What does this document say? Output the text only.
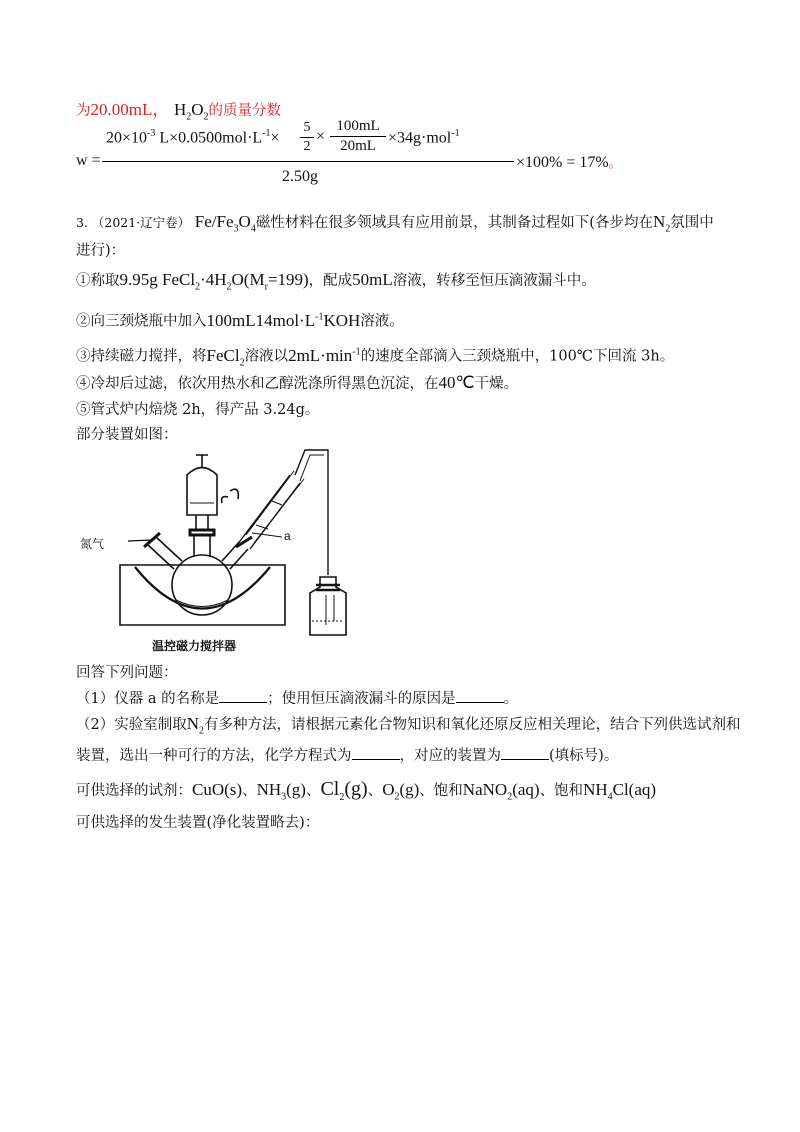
为20.00mL， $H_2O_2$的质量分数
w =
$20\times 10^{-3}$ $L\times 0.0500mol\cdot L^{-1}\times$
5
2
×
100mL
20mL ×34g·mol$^{-1}$
2.50g
×100% = 17%。
3. （2021·辽宁卷） $Fe/Fe_3O_4$磁性材料在很多领域具有应用前景，其制备过程如下(各步均在$N_2$氛围中
进行)：
①称取9.95g $FeCl_2\cdot 4H_2O(M_r=199)$，配成50mL溶液，转移至恒压滴液漏斗中。
②向三颈烧瓶中加入$100mL14mol\cdot L^{-1}KOH$溶液。
③持续磁力搅拌，将FeCl$_2$溶液以$2mL\cdot\min^{-1}$的速度全部滴入三颈烧瓶中，100℃下回流 3h。
④冷却后过滤，依次用热水和乙醇洗涤所得黑色沉淀，在40℃干燥。
⑤管式炉内焙烧 2h，得产品 3.24g。
部分装置如图：
氮气
a
温控磁力搅拌器
回答下列问题：
（1）仪器 a 的名称是	；使用恒压滴液漏斗的原因是	。
（2）实验室制取$N_2$有多种方法，请根据元素化合物知识和氧化还原反应相关理论，结合下列供选试剂和
装置，选出一种可行的方法，化学方程式为	，对应的装置为	(填标号)。
可供选择的试剂：CuO(s)、$NH_3(g)$、$Cl_2(g)$、$O_2(g)$、饱和NaNO$_2$(aq)、饱和$NH_4Cl(aq)$
可供选择的发生装置(净化装置略去)：
